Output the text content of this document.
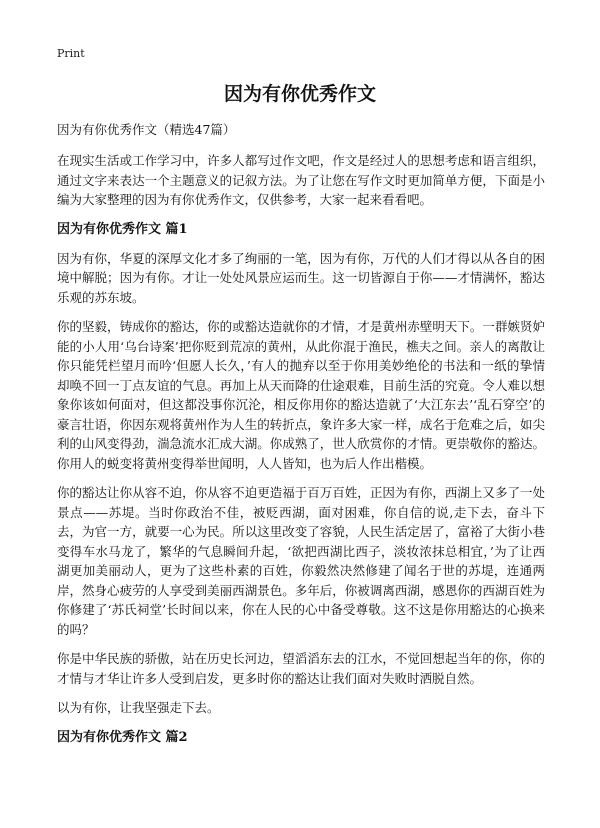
Print
因为有你优秀作文
因为有你优秀作文（精选47篇）

在现实生活或工作学习中，许多人都写过作文吧，作文是经过人的思想考虑和语言组织，通过文字来表达一个主题意义的记叙方法。为了让您在写作文时更加简单方便，下面是小编为大家整理的因为有你优秀作文，仅供参考，大家一起来看看吧。

因为有你优秀作文 篇1

因为有你，华夏的深厚文化才多了绚丽的一笔，因为有你，万代的人们才得以从各自的困境中解脱；因为有你。才让一处处风景应运而生。这一切皆源自于你——才情满怀，豁达乐观的苏东坡。

你的坚毅，铸成你的豁达，你的或豁达造就你的才情，才是黄州赤壁明天下。一群嫉贤妒能的小人用‘乌台诗案’把你贬到荒凉的黄州，从此你混于渔民，樵夫之间。亲人的离散让你只能凭栏望月而吟‘但愿人长久，’有人的抛弃以至于你用美妙绝伦的书法和一纸的挚情却唤不回一丁点友谊的气息。再加上从天而降的仕途艰难，目前生活的究竟。令人难以想象你该如何面对，但这都没事你沉沦，相反你用你的豁达造就了‘大江东去’‘乱石穿空’的豪言壮语，你因东观将黄州作为人生的转折点，象许多大家一样，成名于危难之后，如尖利的山风变得劲，湍急流水汇成大湖。你成熟了，世人欣赏你的才情。更崇敬你的豁达。你用人的蜕变将黄州变得举世闻明，人人皆知，也为后人作出楷模。

你的豁达让你从容不迫，你从容不迫更造福于百万百姓，正因为有你，西湖上又多了一处景点——苏堤。当时你政治不佳，被贬西湖，面对困难，你自信的说,走下去，奋斗下去，为官一方，就要一心为民。所以这里改变了容貌，人民生活定居了，富裕了大街小巷变得车水马龙了，繁华的气息瞬间升起，‘欲把西湖比西子，淡妆浓抹总相宜，’为了让西湖更加美丽动人，更为了这些朴素的百姓，你毅然决然修建了闻名于世的苏堤，连通两岸，然身心疲劳的人享受到美丽西湖景色。多年后，你被调离西湖，感恩你的西湖百姓为你修建了‘苏氏祠堂’长时间以来，你在人民的心中备受尊敬。这不这是你用豁达的心换来的吗？

你是中华民族的骄傲，站在历史长河边，望滔滔东去的江水，不觉回想起当年的你，你的才情与才华让许多人受到启发，更多时你的豁达让我们面对失败时洒脱自然。

以为有你，让我坚强走下去。

因为有你优秀作文 篇2
